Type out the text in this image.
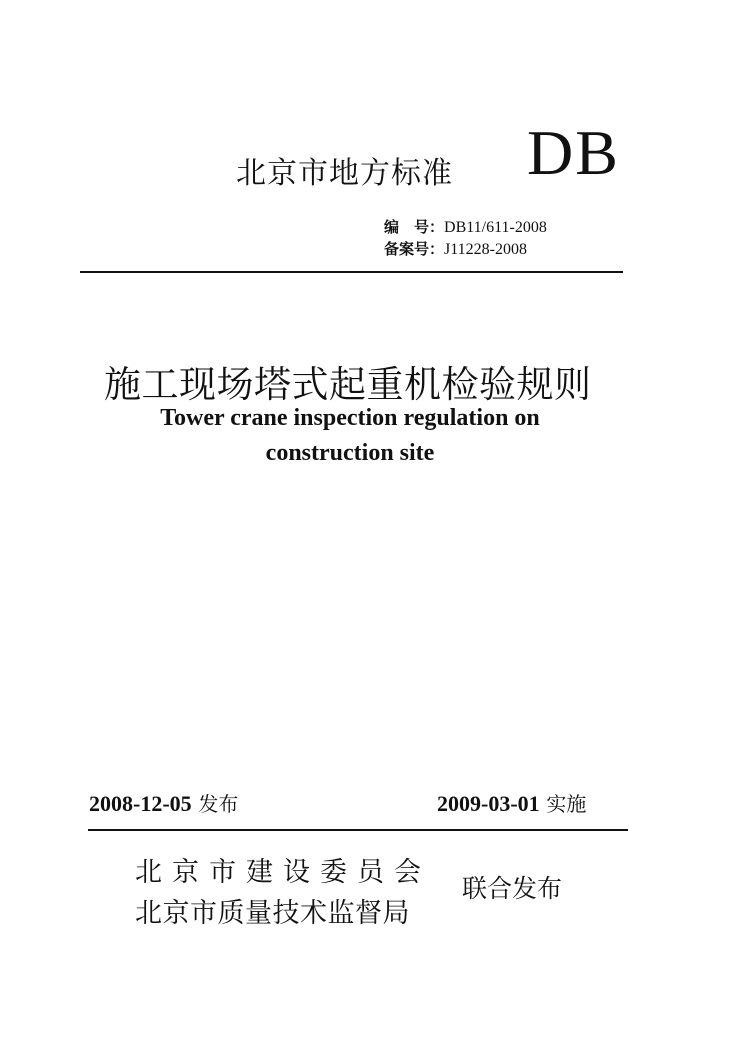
北京市地方标准 DB
编　号：DB11/611-2008
备案号：J11228-2008
施工现场塔式起重机检验规则
Tower crane inspection regulation on
construction site
2008-12-05 发布	2009-03-01 实施
北京市建设委员会
北京市质量技术监督局
联合发布
